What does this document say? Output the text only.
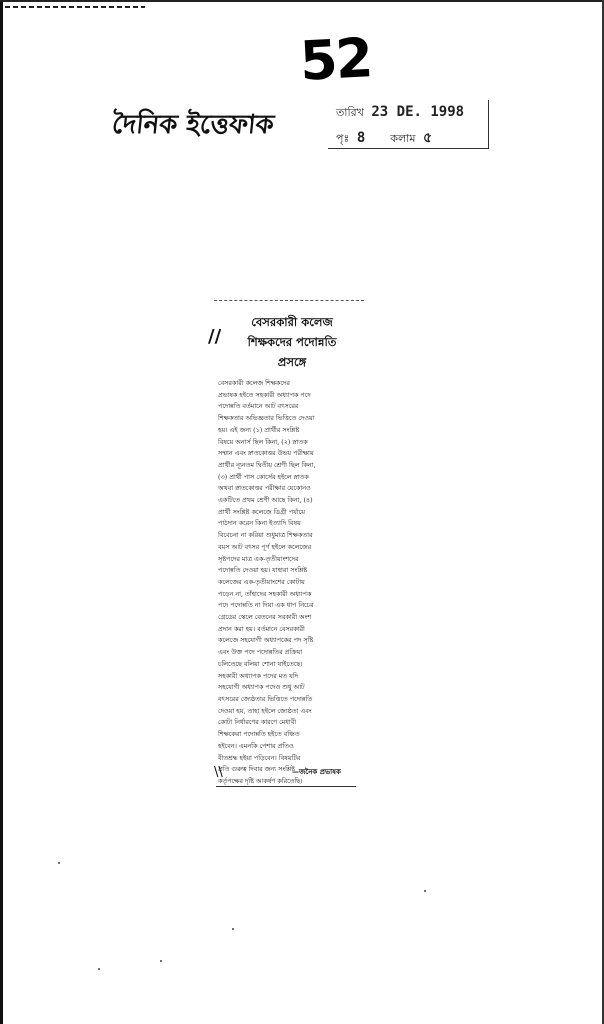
52
দৈনিক ইত্তেফাক	তারিখ 23 DE. 1998
পৃঃ 8 কলাম ৫
//
বেসরকারী কলেজ
শিক্ষকদের পদোন্নতি
প্রসঙ্গে
বেসরকারী কলেজ শিক্ষকদের
প্রভাষক হইতে সহকারী অধ্যাপক পদে
পদোন্নতি বর্তমানে আট বৎসরের
শিক্ষকতার অভিজ্ঞতার ভিত্তিতে দেওয়া
হয়। এই জন্য (১) প্রার্থীর সংশ্লিষ্ট
বিষয়ে অনার্স ছিল কিনা, (২) স্নাতক
সম্মান এবং স্নাতকোত্তর উভয় পরীক্ষায়
প্রার্থীর ন্যূনতম দ্বিতীয় শ্রেণী ছিল কিনা,
(৩) প্রার্থী পাস কোর্সের হইলে স্নাতক
অথবা স্নাতকোত্তর পরীক্ষার যেকোনও
একটিতে প্রথম শ্রেণী আছে কিনা, (৪)
প্রার্থী সংশ্লিষ্ট কলেজে ডিগ্রী পর্যায়ে
পাঠদান করেন কিনা ইত্যাদি বিষয়
বিবেচনা না করিয়া শুধুমাত্র শিক্ষকতার
বয়স আট বৎসর পূর্ণ হইলে কলেজের
সৃষ্টপদের মাত্র এক-তৃতীয়াংশদের
পদোন্নতি দেওয়া হয়। যাহারা সংশ্লিষ্ট
কলেজের এক-তৃতীয়াংশের কোটায়
পড়েন না, তাঁহাদের সহকারী অধ্যাপক
পদে পদোন্নতি না দিয়া এক ধাপ নিচের
গ্রেডের স্কেলে বেতনের সরকারী অংশ
প্রদান করা হয়। বর্তমানে বেসরকারী
কলেজে সহযোগী অধ্যাপকের পদ সৃষ্টি
এবং উক্ত পদে পদোন্নতির প্রক্রিয়া
চলিতেছে বলিয়া শোনা যাইতেছে।
সহকারী অধ্যাপক পদের মত যদি
সহযোগী অধ্যাপক পদেও শুধু আট
বৎসরের জ্যেষ্ঠতার ভিত্তিতে পদোন্নতি
দেওয়া হয়, তাহা হইলে জ্যেষ্ঠতা এবং
কোটা নির্ধারণের কারণে মেধাবী
শিক্ষকেরা পদোন্নতি হইতে বঞ্চিত
হইবেন। এমনকি পেশার প্রতিও
বীতশ্রদ্ধ হইয়া পড়িবেন। বিষয়টির
প্রতি গুরুত্ব দিবার জন্য সংশ্লিষ্ট
কর্তৃপক্ষের দৃষ্টি আকর্ষণ করিতেছি।
\\	—জনৈক প্রভাষক
